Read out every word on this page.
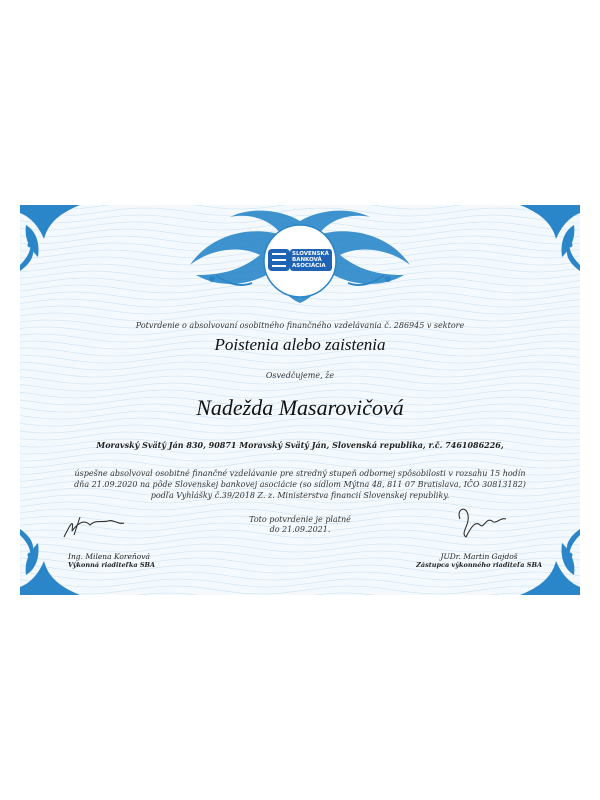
SLOVENSKÁ
BANKOVÁ
ASOCIÁCIA
Potvrdenie o absolvovaní osobitného finančného vzdelávania č. 286945 v sektore
Poistenia alebo zaistenia
Osvedčujeme, že
Nadežda Masarovičová
Moravský Svätý Ján 830, 90871 Moravský Svätý Ján, Slovenská republika, r.č. 7461086226,
úspešne absolvoval osobitné finančné vzdelávanie pre stredný stupeň odbornej spôsobilosti v rozsahu 15 hodín
dňa 21.09.2020 na pôde Slovenskej bankovej asociácie (so sídlom Mýtna 48, 811 07 Bratislava, IČO 30813182)
podľa Vyhlášky č.39/2018 Z. z. Ministerstva financií Slovenskej republiky.
Toto potvrdenie je platné
do 21.09.2021.
Ing. Milena Koreňová
Výkonná riaditeľka SBA
JUDr. Martin Gajdoš
Zástupca výkonného riaditeľa SBA
